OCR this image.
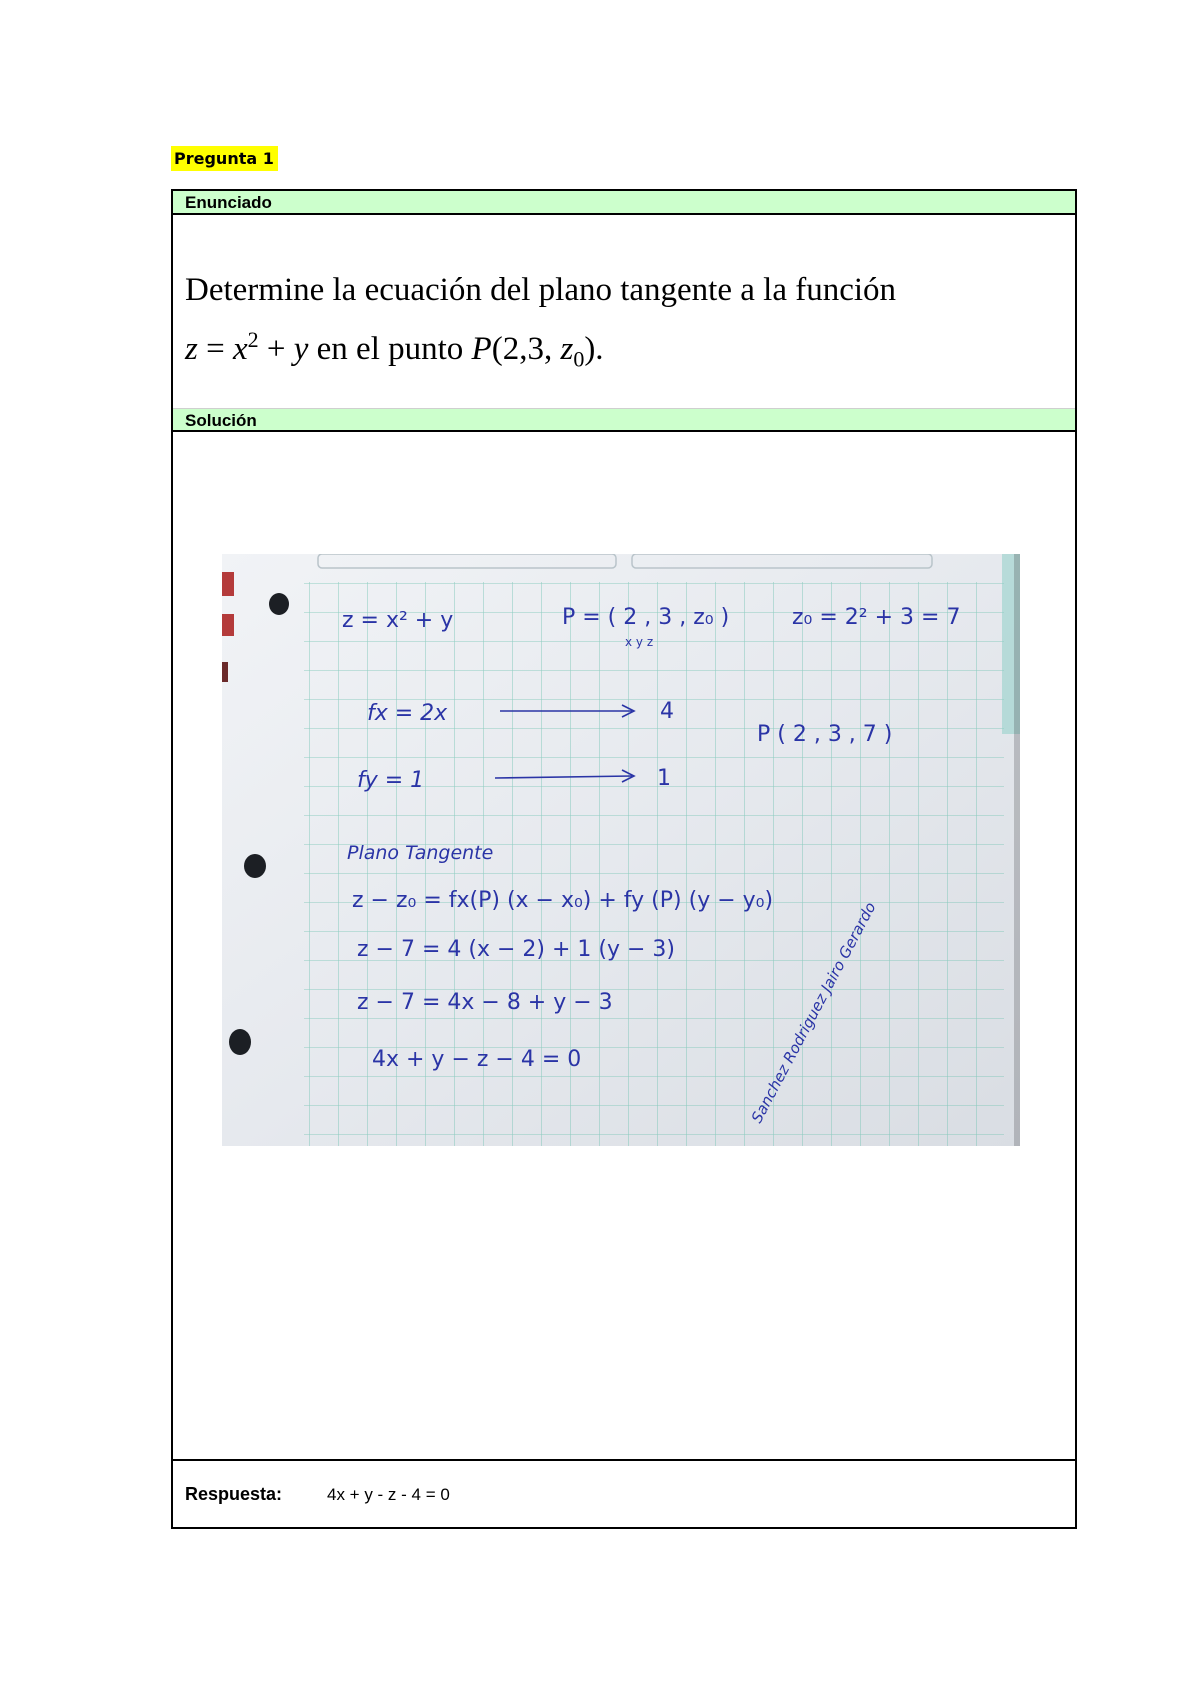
Pregunta 1
Enunciado
Determine la ecuación del plano tangente a la función
$z = x^2 + y$ en el punto P(2,3, $z_0$).
Solución
z = x² + y	P = ( 2 , 3 , z₀ )
x y z
z₀ = 2² + 3 = 7
fx = 2x	4
P ( 2 , 3 , 7 )
fy = 1	1
Plano Tangente
z − z₀ = fx(P) (x − x₀) + fy (P) (y − y₀)
z − 7 = 4 (x − 2) + 1 (y − 3)
z − 7 = 4x − 8 + y − 3
4x + y − z − 4 = 0	Sanchez Rodriguez Jairo Gerardo
Respuesta:	4x + y - z - 4 = 0
